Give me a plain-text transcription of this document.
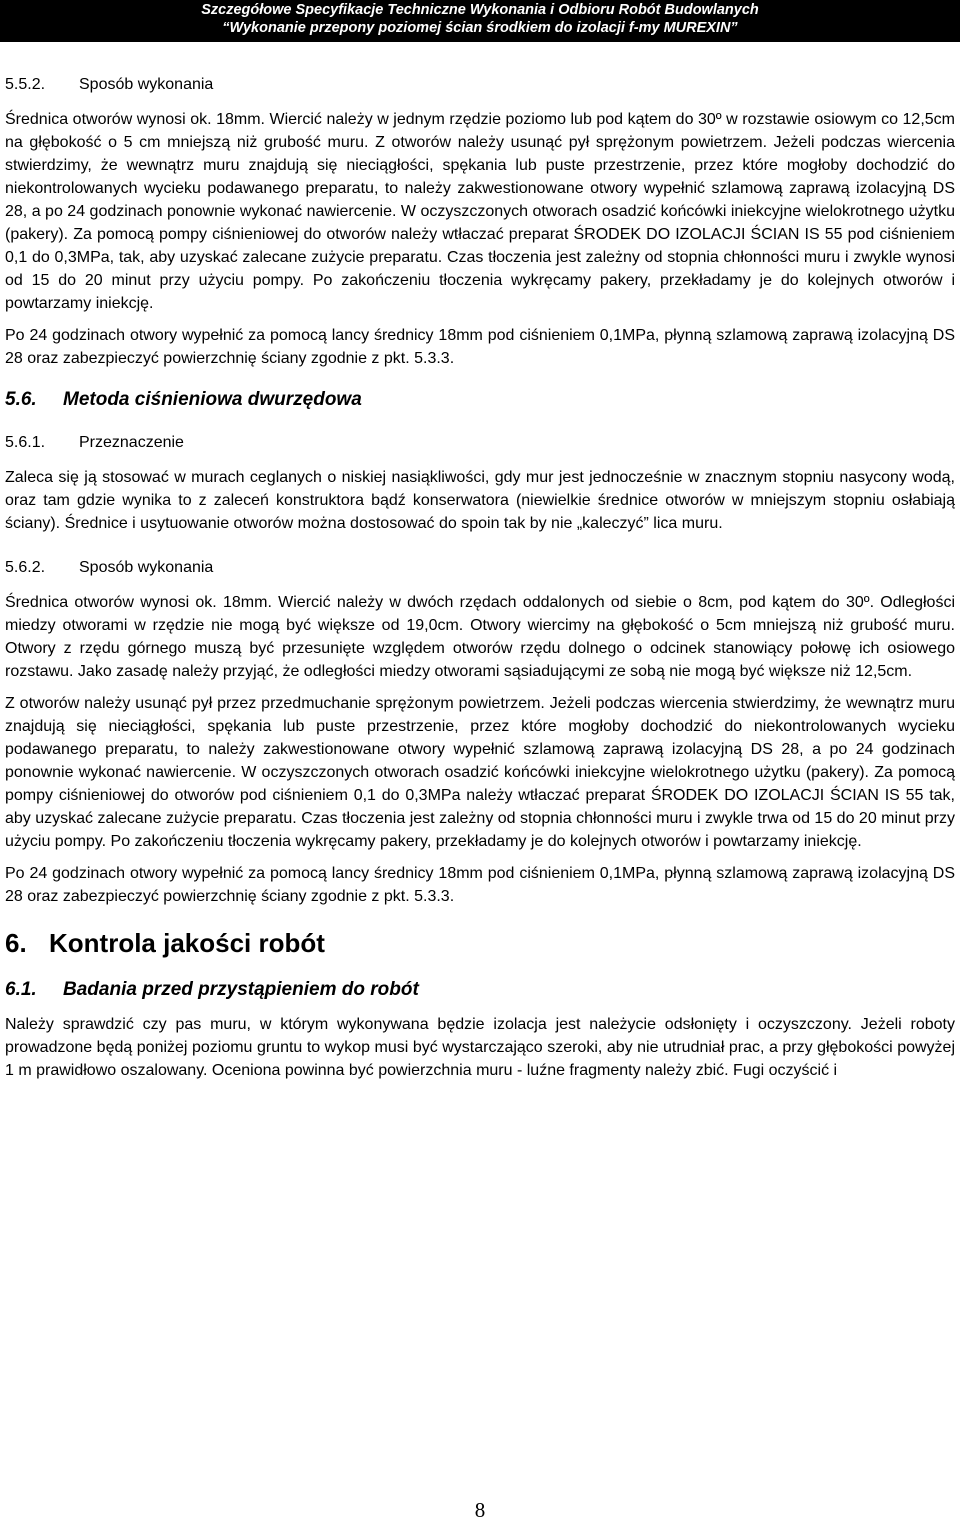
Szczegółowe Specyfikacje Techniczne Wykonania i Odbioru Robót Budowlanych
“Wykonanie przepony poziomej ścian środkiem do izolacji f-my MUREXIN”
5.5.2. Sposób wykonania

Średnica otworów wynosi ok. 18mm. Wiercić należy w jednym rzędzie poziomo lub pod kątem do 30º w rozstawie osiowym co 12,5cm na głębokość o 5 cm mniejszą niż grubość muru. Z otworów należy usunąć pył sprężonym powietrzem. Jeżeli podczas wiercenia stwierdzimy, że wewnątrz muru znajdują się nieciągłości, spękania lub puste przestrzenie, przez które mogłoby dochodzić do niekontrolowanych wycieku podawanego preparatu, to należy zakwestionowane otwory wypełnić szlamową zaprawą izolacyjną DS 28, a po 24 godzinach ponownie wykonać nawiercenie. W oczyszczonych otworach osadzić końcówki iniekcyjne wielokrotnego użytku (pakery). Za pomocą pompy ciśnieniowej do otworów należy wtłaczać preparat ŚRODEK DO IZOLACJI ŚCIAN IS 55 pod ciśnieniem 0,1 do 0,3MPa, tak, aby uzyskać zalecane zużycie preparatu. Czas tłoczenia jest zależny od stopnia chłonności muru i zwykle wynosi od 15 do 20 minut przy użyciu pompy. Po zakończeniu tłoczenia wykręcamy pakery, przekładamy je do kolejnych otworów i powtarzamy iniekcję.

Po 24 godzinach otwory wypełnić za pomocą lancy średnicy 18mm pod ciśnieniem 0,1MPa, płynną szlamową zaprawą izolacyjną DS 28 oraz zabezpieczyć powierzchnię ściany zgodnie z pkt. 5.3.3.

5.6. Metoda ciśnieniowa dwurzędowa
5.6.1. Przeznaczenie

Zaleca się ją stosować w murach ceglanych o niskiej nasiąkliwości, gdy mur jest jednocześnie w znacznym stopniu nasycony wodą, oraz tam gdzie wynika to z zaleceń konstruktora bądź konserwatora (niewielkie średnice otworów w mniejszym stopniu osłabiają ściany). Średnice i usytuowanie otworów można dostosować do spoin tak by nie „kaleczyć” lica muru.

5.6.2. Sposób wykonania

Średnica otworów wynosi ok. 18mm. Wiercić należy w dwóch rzędach oddalonych od siebie o 8cm, pod kątem do 30º. Odległości miedzy otworami w rzędzie nie mogą być większe od 19,0cm. Otwory wiercimy na głębokość o 5cm mniejszą niż grubość muru. Otwory z rzędu górnego muszą być przesunięte względem otworów rzędu dolnego o odcinek stanowiący połowę ich osiowego rozstawu. Jako zasadę należy przyjąć, że odległości miedzy otworami sąsiadującymi ze sobą nie mogą być większe niż 12,5cm.

Z otworów należy usunąć pył przez przedmuchanie sprężonym powietrzem. Jeżeli podczas wiercenia stwierdzimy, że wewnątrz muru znajdują się nieciągłości, spękania lub puste przestrzenie, przez które mogłoby dochodzić do niekontrolowanych wycieku podawanego preparatu, to należy zakwestionowane otwory wypełnić szlamową zaprawą izolacyjną DS 28, a po 24 godzinach ponownie wykonać nawiercenie. W oczyszczonych otworach osadzić końcówki iniekcyjne wielokrotnego użytku (pakery). Za pomocą pompy ciśnieniowej do otworów pod ciśnieniem 0,1 do 0,3MPa należy wtłaczać preparat ŚRODEK DO IZOLACJI ŚCIAN IS 55 tak, aby uzyskać zalecane zużycie preparatu. Czas tłoczenia jest zależny od stopnia chłonności muru i zwykle trwa od 15 do 20 minut przy użyciu pompy. Po zakończeniu tłoczenia wykręcamy pakery, przekładamy je do kolejnych otworów i powtarzamy iniekcję.

Po 24 godzinach otwory wypełnić za pomocą lancy średnicy 18mm pod ciśnieniem 0,1MPa, płynną szlamową zaprawą izolacyjną DS 28 oraz zabezpieczyć powierzchnię ściany zgodnie z pkt. 5.3.3.

6. Kontrola jakości robót
6.1. Badania przed przystąpieniem do robót

Należy sprawdzić czy pas muru, w którym wykonywana będzie izolacja jest należycie odsłonięty i oczyszczony. Jeżeli roboty prowadzone będą poniżej poziomu gruntu to wykop musi być wystarczająco szeroki, aby nie utrudniał prac, a przy głębokości powyżej 1 m prawidłowo oszalowany. Oceniona powinna być powierzchnia muru - luźne fragmenty należy zbić. Fugi oczyścić i

8
